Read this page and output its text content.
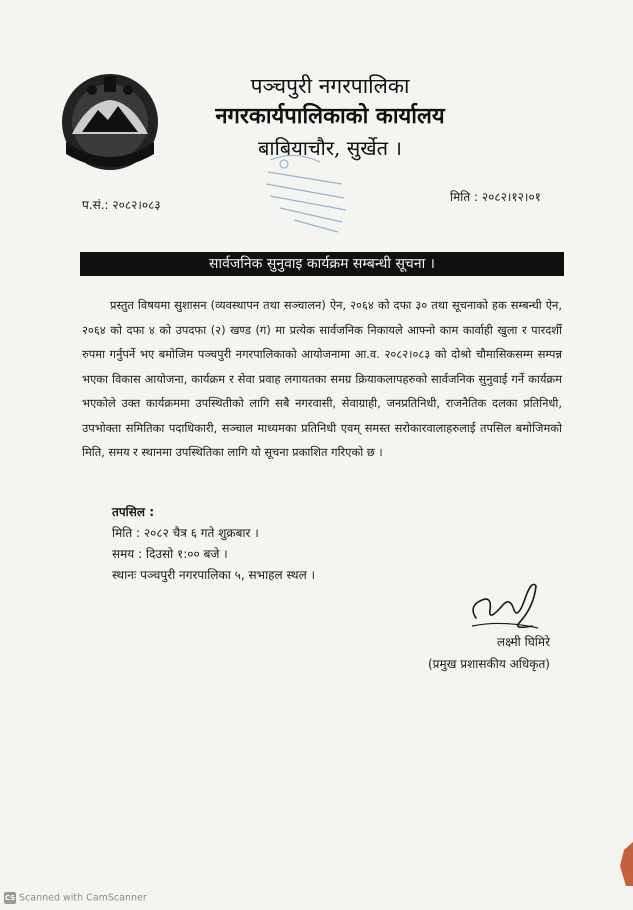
पञ्चपुरी नगरपालिका
नगरकार्यपालिकाको कार्यालय
बाबियाचौर, सुर्खेत ।
प.सं.: २०८२।०८३
मिति : २०८२।१२।०१
सार्वजनिक सुनुवाइ कार्यक्रम सम्बन्धी सूचना ।
प्रस्तुत विषयमा सुशासन (व्यवस्थापन तथा सञ्चालन) ऐन, २०६४ को दफा ३० तथा सूचनाको हक सम्बन्धी ऐन, २०६४ को दफा ४ को उपदफा (२) खण्ड (ग) मा प्रत्येक सार्वजनिक निकायले आफ्नो काम कार्वाही खुला र पारदर्शी रुपमा गर्नुपर्ने भए बमोजिम पञ्चपुरी नगरपालिकाको आयोजनामा आ.व. २०८२।०८३ को दोश्रो चौमासिकसम्म सम्पन्न भएका विकास आयोजना, कार्यक्रम र सेवा प्रवाह लगायतका समग्र क्रियाकलापहरुको सार्वजनिक सुनुवाई गर्ने कार्यक्रम भएकोले उक्त कार्यक्रममा उपस्थितीको लागि सबै नगरवासी, सेवाग्राही, जनप्रतिनिधी, राजनैतिक दलका प्रतिनिधी, उपभोक्ता समितिका पदाधिकारी, सञ्चाल माध्यमका प्रतिनिधी एवम् समस्त सरोकारवालाहरुलाई तपसिल बमोजिमको मिति, समय र स्थानमा उपस्थितिका लागि यो सूचना प्रकाशित गरिएको छ ।
तपसिल :
मिति : २०८२ चैत्र ६ गते शुक्रबार ।
समय : दिउसो १:०० बजे ।
स्थानः पञ्चपुरी नगरपालिका ५, सभाहल स्थल ।
लक्ष्मी घिमिरे
(प्रमुख प्रशासकीय अधिकृत)
CS Scanned with CamScanner
